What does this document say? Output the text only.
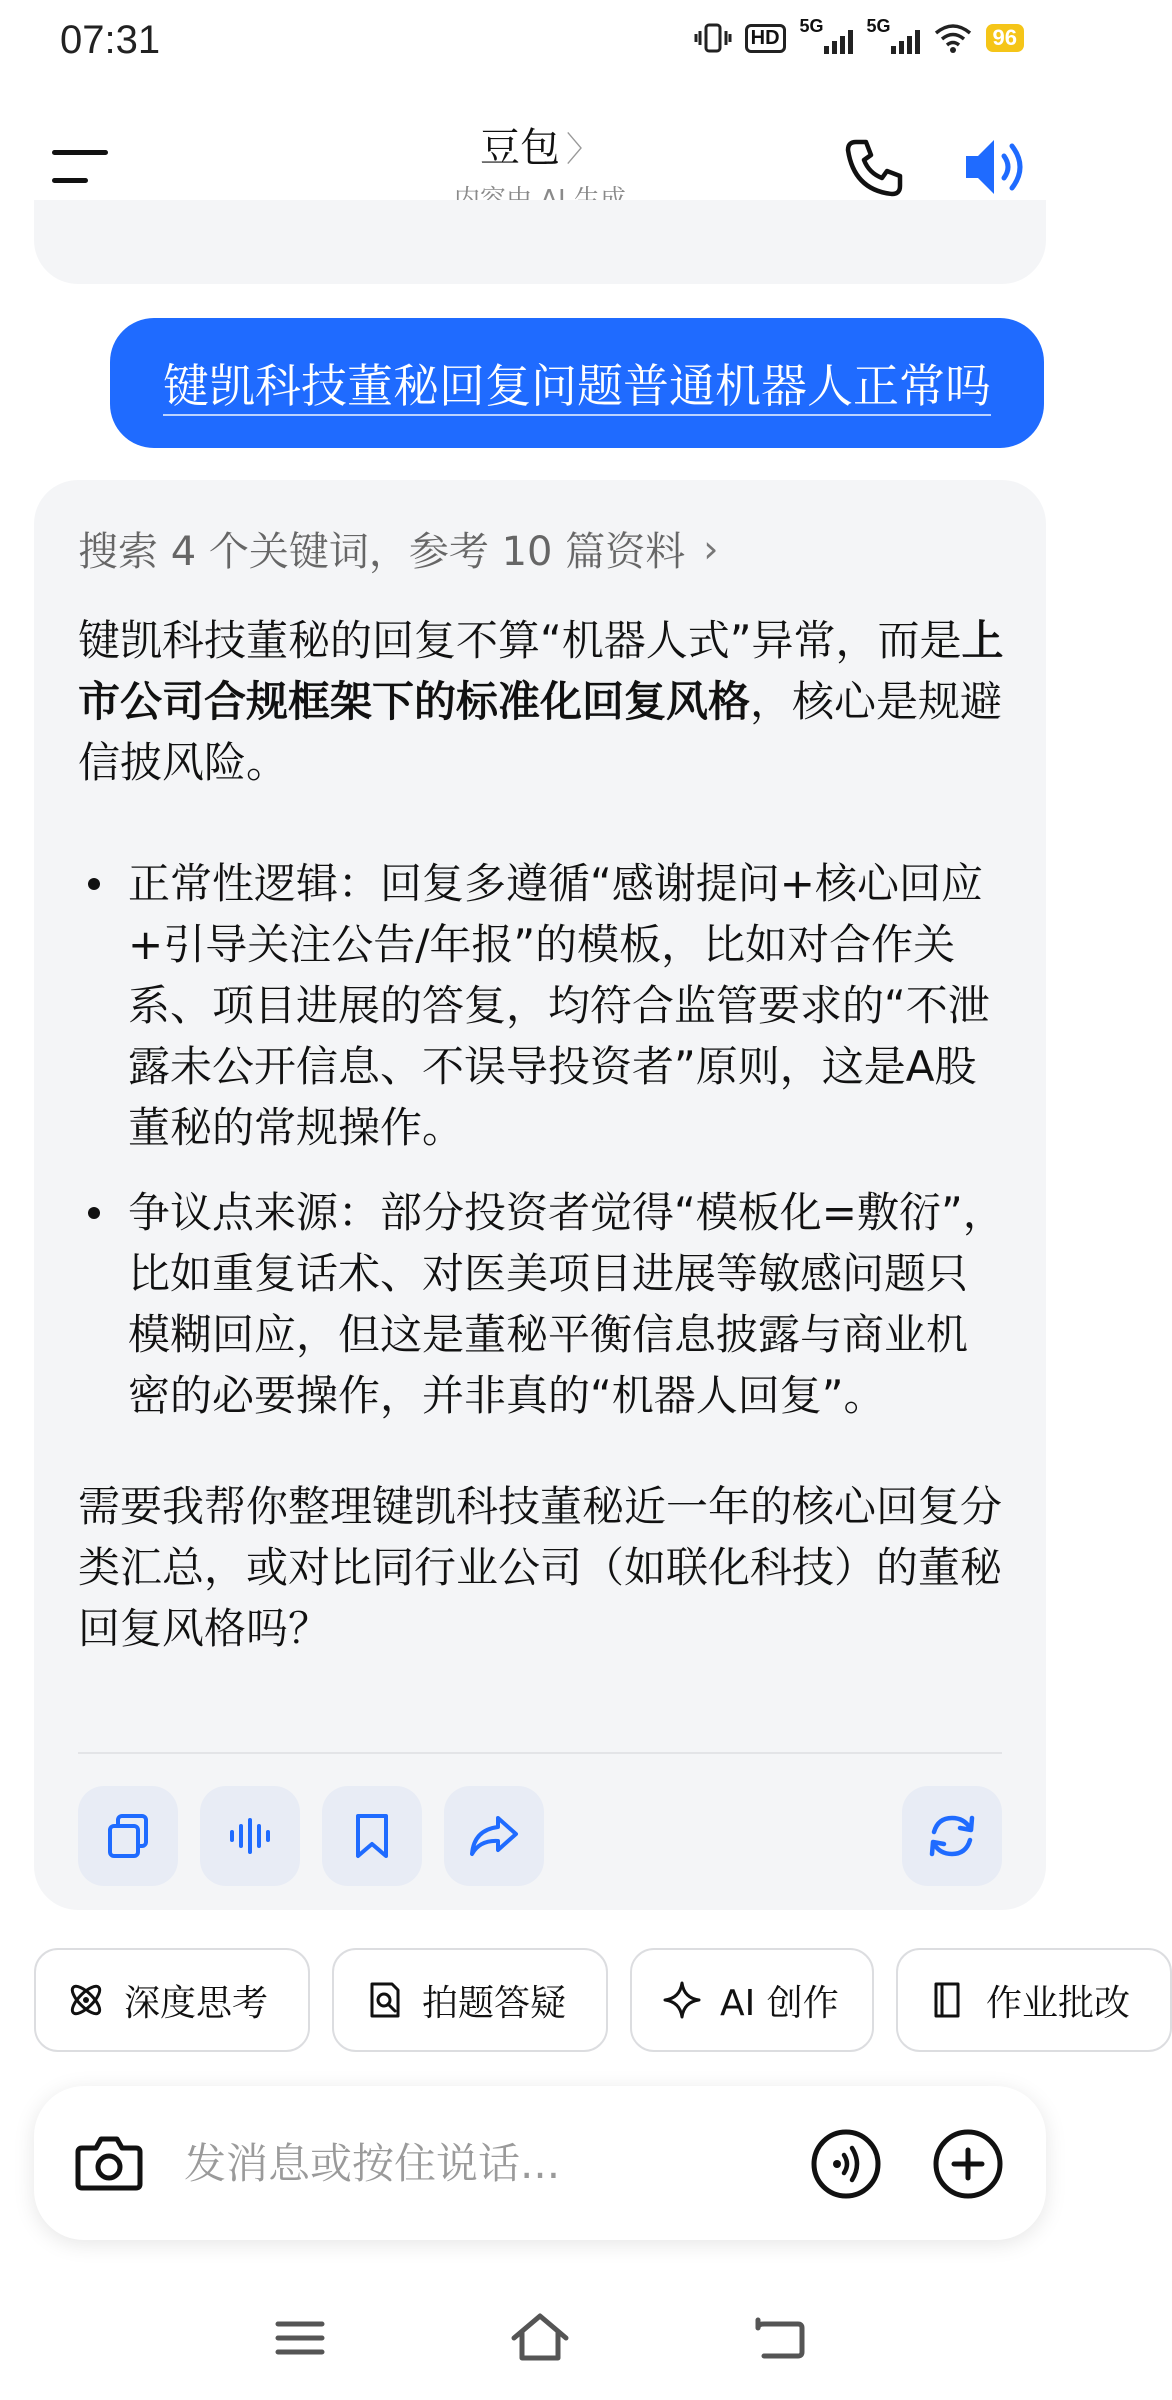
07:31	HD
5G 5G	96
豆包 〉
键凯科技董秘回复问题普通机器人正常吗
搜索 4 个关键词，参考 10 篇资料 ›

键凯科技董秘的回复不算“机器人式”异常，而是上市公司合规框架下的标准化回复风格，核心是规避信披风险。

正常性逻辑：回复多遵循“感谢提问+核心回应+引导关注公告/年报”的模板，比如对合作关系、项目进展的答复，均符合监管要求的“不泄露未公开信息、不误导投资者”原则，这是A股董秘的常规操作。
争议点来源：部分投资者觉得“模板化=敷衍”，比如重复话术、对医美项目进展等敏感问题只模糊回应，但这是董秘平衡信息披露与商业机密的必要操作，并非真的“机器人回复”。

需要我帮你整理键凯科技董秘近一年的核心回复分类汇总，或对比同行业公司（如联化科技）的董秘回复风格吗？

深度思考	拍题答疑	AI 创作	作业批改
发消息或按住说话...
